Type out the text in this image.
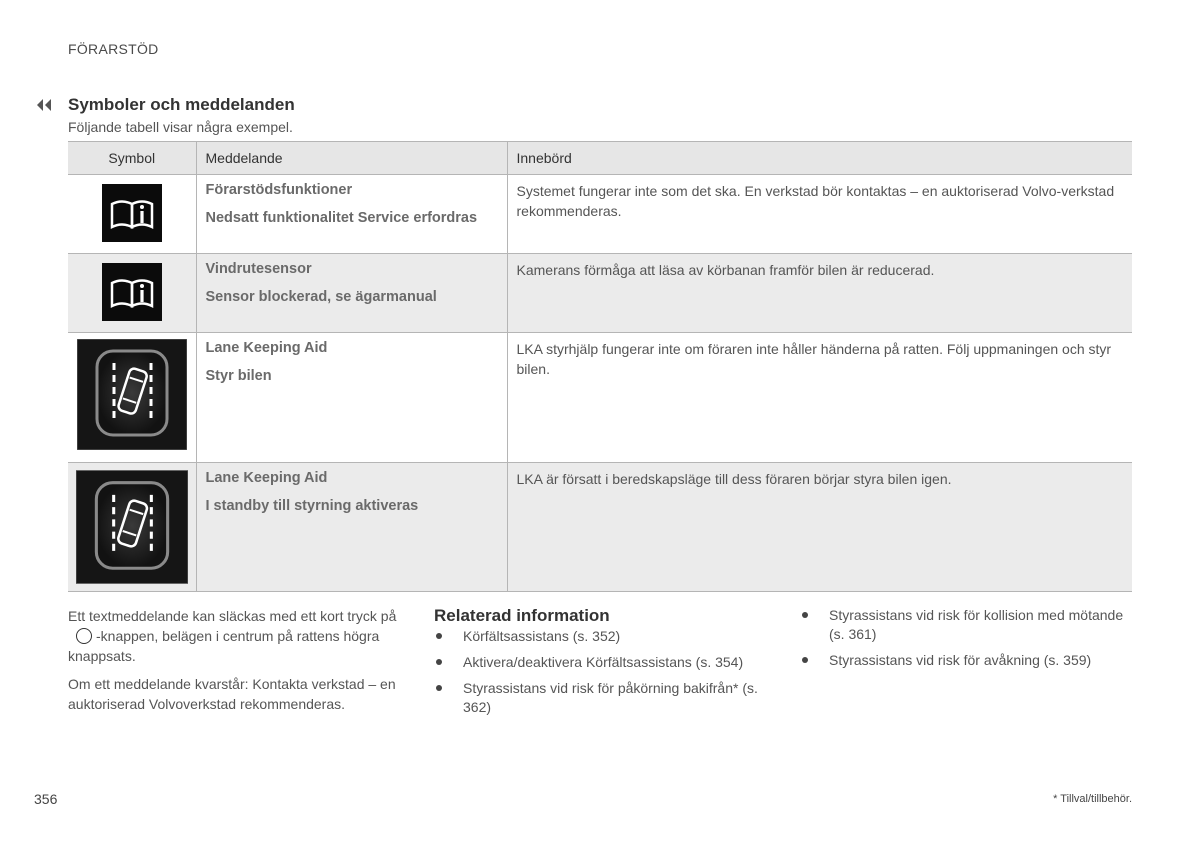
FÖRARSTÖD
Symboler och meddelanden
Följande tabell visar några exempel.
Symbol	Meddelande	Innebörd

Förarstödsfunktioner
Nedsatt funktionalitet Service erfordras	Systemet fungerar inte som det ska. En verkstad bör kontaktas – en auktoriserad Volvo-verkstad rekommenderas.

Vindrutesensor
Sensor blockerad, se ägarmanual	Kamerans förmåga att läsa av körbanan framför bilen är reducerad.

Lane Keeping Aid
Styr bilen	LKA styrhjälp fungerar inte om föraren inte håller händerna på ratten. Följ uppmaningen och styr bilen.

Lane Keeping Aid
I standby till styrning aktiveras	LKA är försatt i beredskapsläge till dess föraren börjar styra bilen igen.

Ett textmeddelande kan släckas med ett kort tryck på-knappen, belägen i centrum på rattens högra knappsats.

Om ett meddelande kvarstår: Kontakta verkstad – en auktoriserad Volvoverkstad rekommenderas.

Relaterad information
Körfältsassistans (s. 352)
Aktivera/deaktivera Körfältsassistans (s. 354)
Styrassistans vid risk för påkörning bakifrån* (s. 362)
Styrassistans vid risk för kollision med mötande (s. 361)
Styrassistans vid risk för avåkning (s. 359)
356	* Tillval/tillbehör.
